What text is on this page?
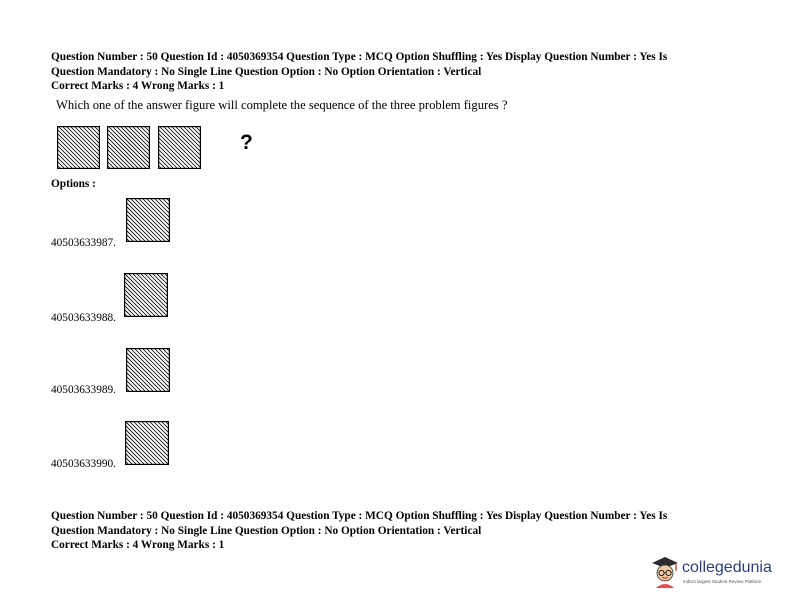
Question Number : 50 Question Id : 4050369354 Question Type : MCQ Option Shuffling : Yes Display Question Number : Yes Is
Question Mandatory : No Single Line Question Option : No Option Orientation : Vertical
Correct Marks : 4 Wrong Marks : 1
Which one of the answer figure will complete the sequence of the three problem figures ?
?
Options :
40503633987.
40503633988.
40503633989.
40503633990.
Question Number : 50 Question Id : 4050369354 Question Type : MCQ Option Shuffling : Yes Display Question Number : Yes Is
Question Mandatory : No Single Line Question Option : No Option Orientation : Vertical
Correct Marks : 4 Wrong Marks : 1
collegedunia
India's largest Student Review Platform
